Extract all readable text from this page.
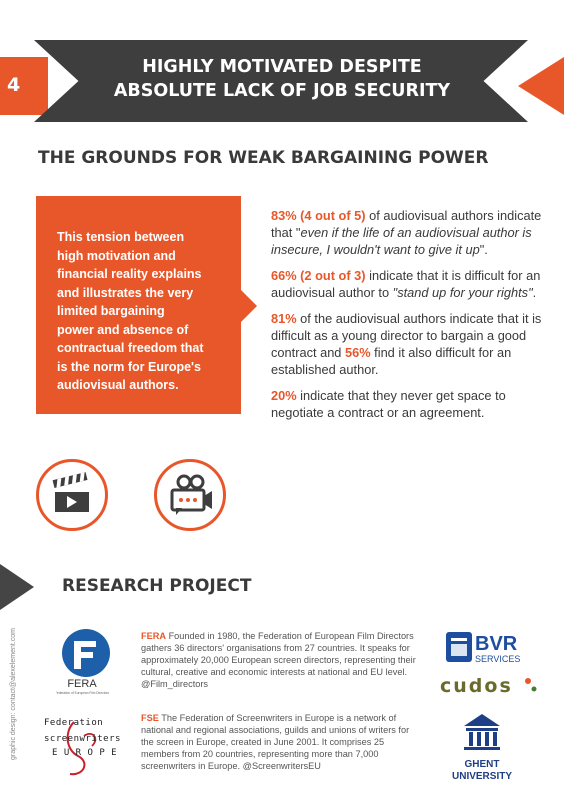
4
HIGHLY MOTIVATED DESPITE
ABSOLUTE LACK OF JOB SECURITY
THE GROUNDS FOR WEAK BARGAINING POWER
This tension between
high motivation and
financial reality explains
and illustrates the very
limited bargaining
power and absence of
contractual freedom that
is the norm for Europe's
audiovisual authors.

83% (4 out of 5) of audiovisual authors indicate that "even if the life of an audiovisual author is insecure, I wouldn't want to give it up".

66% (2 out of 3) indicate that it is difficult for an audiovisual author to "stand up for your rights".

81% of the audiovisual authors indicate that it is difficult as a young director to bargain a good contract and 56% find it also difficult for an established author.

20% indicate that they never get space to negotiate a contract or an agreement.

RESEARCH PROJECT
graphic design: contact@alexelement.com	FERA
Federation of European Film Directors
FERA Founded in 1980, the Federation of European Film Directors gathers 36 directors' organisations from 27 countries. It speaks for approximately 20,000 European screen directors, representing their cultural, creative and economic interests at national and EU level. @Film_directors
Federation
screenwriters
E U R O P E
FSE The Federation of Screenwriters in Europe is a network of national and regional associations, guilds and unions of writers for the screen in Europe, created in June 2001. It comprises 25 members from 20 countries, representing more than 7,000 screenwriters in Europe. @ScreenwritersEU
BVR
SERVICES
cudos
GHENT
UNIVERSITY
